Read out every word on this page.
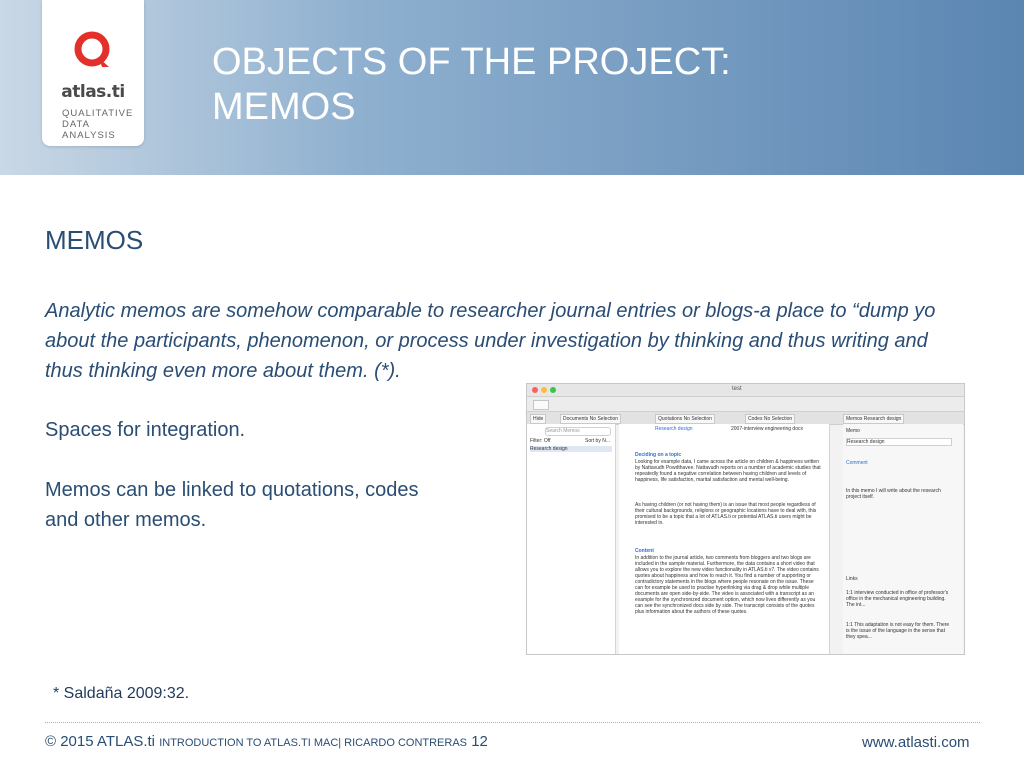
atlas.ti
QUALITATIVE
DATA ANALYSIS
OBJECTS OF THE PROJECT:
MEMOS
MEMOS
Analytic memos are somehow comparable to researcher journal entries or blogs-a place to “dump yo
about the participants, phenomenon, or process under investigation by thinking and thus writing and
thus thinking even more about them. (*).
Spaces for integration.
Memos can be linked to quotations, codes
and other memos.
test
Hide	Documents No Selection	Quotations No Selection	Codes No Selection	Memos Research design
Search Memos
Filter: Off	Sort by N...
Research design
Research design	2007-interview engineering docx
Deciding on a topic
Looking for example data, I came across the article on children & happiness written by Nattavudh Powdthavee. Nattavudh reports on a number of academic studies that repeatedly found a negative correlation between having children and levels of happiness, life satisfaction, marital satisfaction and mental well-being.
As having children (or not having them) is an issue that most people regardless of their cultural backgrounds, religions or geographic locations have to deal with, this promised to be a topic that a lot of ATLAS.ti or potential ATLAS.ti users might be interested in.
Content
In addition to the journal article, two comments from bloggers and two blogs are included in the sample material. Furthermore, the data contains a short video that allows you to explore the new video functionality in ATLAS.ti v7. The video contains quotes about happiness and how to reach it. You find a number of supporting or contradictory statements in the blogs where people resonate on the issue. These can for example be used to practise hyperlinking via drag & drop while multiple documents are open side-by-side. The video is associated with a transcript as an example for the synchronized document option, which now lives differently as you can see the synchronized docs side by side. The transcript consists of the quotes plus information about the authors of these quotes.
Memo
Research design
Comment
In this memo I will write about the research project itself.
Links
1:1 interview conducted in office of professor's office in the mechanical engineering building. The int...
1:1 This adaptation is not easy for them. There is the issue of the language in the sense that they spea...
* Saldaña 2009:32.
© 2015 ATLAS.ti INTRODUCTION TO ATLAS.TI MAC| RICARDO CONTRERAS 12	www.atlasti.com
